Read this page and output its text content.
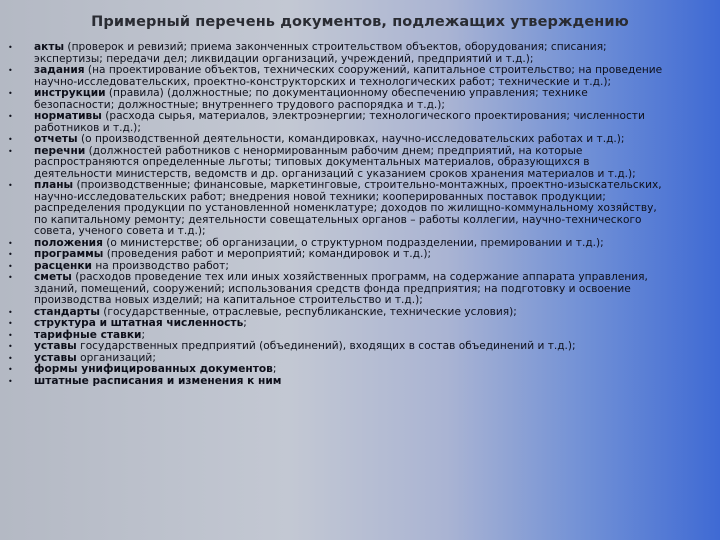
Примерный перечень документов, подлежащих утверждению
• акты (проверок и ревизий; приема законченных строительством объектов, оборудования; списания; экспертизы; передачи дел; ликвидации организаций, учреждений, предприятий и т.д.);
• задания (на проектирование объектов, технических сооружений, капитальное строительство; на проведение научно-исследовательских, проектно-конструкторских и технологических работ; технические и т.д.);
• инструкции (правила) (должностные; по документационному обеспечению управления; технике безопасности; должностные; внутреннего трудового распорядка и т.д.);
• нормативы (расхода сырья, материалов, электроэнергии; технологического проектирования; численности работников и т.д.);
• отчеты (о производственной деятельности, командировках, научно-исследовательских работах и т.д.);
• перечни (должностей работников с ненормированным рабочим днем; предприятий, на которые распространяются определенные льготы; типовых документальных материалов, образующихся в деятельности министерств, ведомств и др. организаций с указанием сроков хранения материалов и т.д.);
• планы (производственные; финансовые, маркетинговые, строительно-монтажных, проектно-изыскательских, научно-исследовательских работ; внедрения новой техники; кооперированных поставок продукции; распределения продукции по установленной номенклатуре; доходов по жилищно-коммунальному хозяйству, по капитальному ремонту; деятельности совещательных органов – работы коллегии, научно-технического совета, ученого совета и т.д.);
• положения (о министерстве; об организации, о структурном подразделении, премировании и т.д.);
• программы (проведения работ и мероприятий; командировок и т.д.);
• расценки на производство работ;
• сметы (расходов проведение тех или иных хозяйственных программ, на содержание аппарата управления, зданий, помещений, сооружений; использования средств фонда предприятия; на подготовку и освоение производства новых изделий; на капитальное строительство и т.д.);
• стандарты (государственные, отраслевые, республиканские, технические условия);
• структура и штатная численность;
• тарифные ставки;
• уставы государственных предприятий (объединений), входящих в состав объединений и т.д.);
• уставы организаций;
• формы унифицированных документов;
• штатные расписания и изменения к ним
